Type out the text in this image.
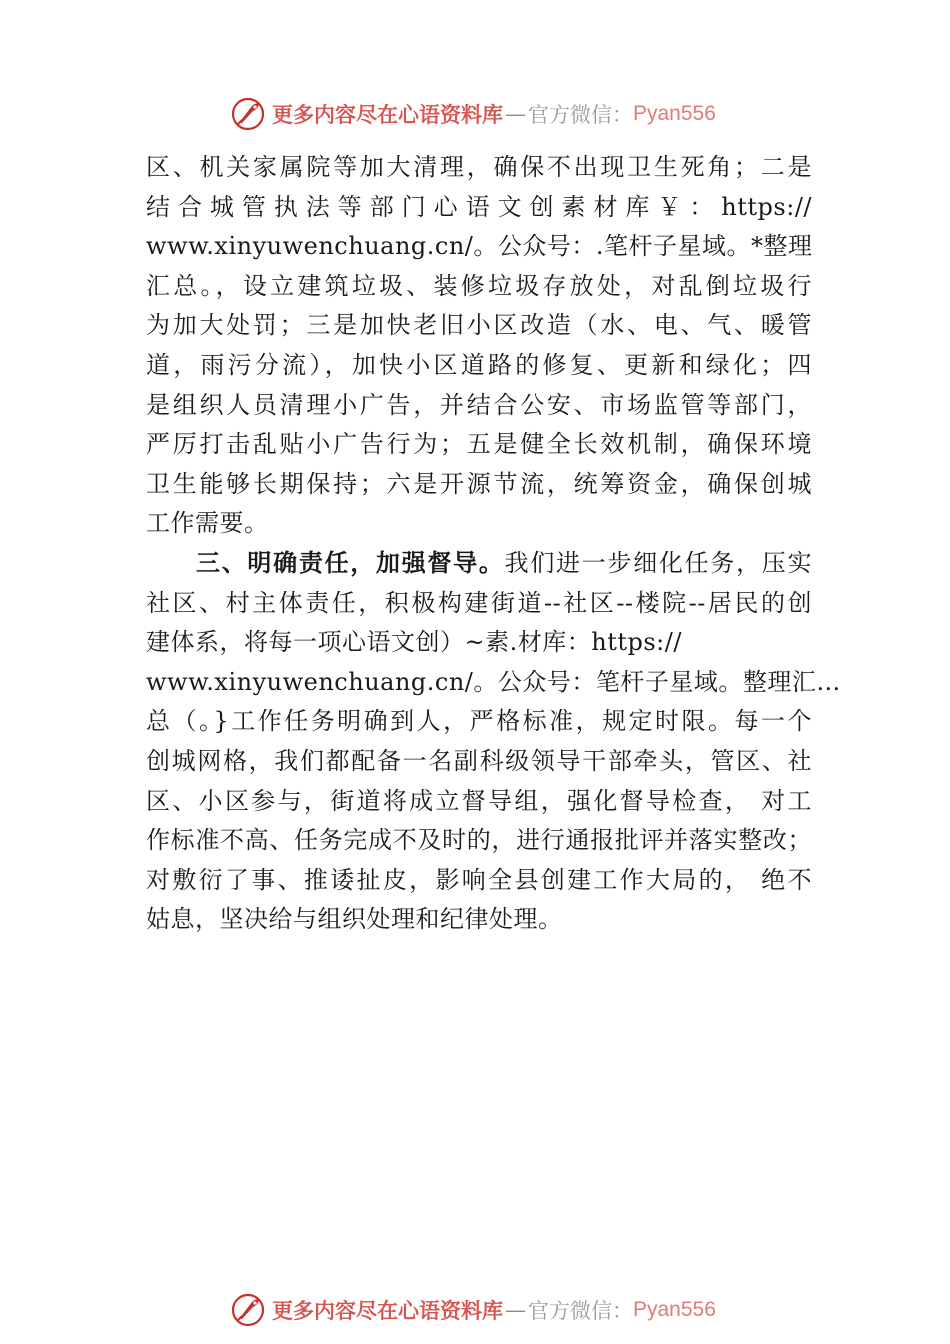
更多内容尽在心语资料库 — 官方微信： Pyan556
区、机关家属院等加大清理，确保不出现卫生死角；二是
结合城管执法等部门心语文创素材库￥：https://
www.xinyuwenchuang.cn/。公众号：.笔杆子星域。*整理
汇总。，设立建筑垃圾、装修垃圾存放处，对乱倒垃圾行
为加大处罚；三是加快老旧小区改造（水、电、气、暖管
道，雨污分流），加快小区道路的修复、更新和绿化；四
是组织人员清理小广告，并结合公安、市场监管等部门，
严厉打击乱贴小广告行为；五是健全长效机制，确保环境
卫生能够长期保持；六是开源节流，统筹资金，确保创城
工作需要。
三、明确责任，加强督导。我们进一步细化任务，压实
社区、村主体责任，积极构建街道--社区--楼院--居民的创
建体系，将每一项心语文创）~素.材库：https://
www.xinyuwenchuang.cn/。公众号：笔杆子星域。整理汇…
总（。}工作任务明确到人，严格标准，规定时限。每一个
创城网格，我们都配备一名副科级领导干部牵头，管区、社
区、小区参与，街道将成立督导组，强化督导检查， 对工
作标准不高、任务完成不及时的，进行通报批评并落实整改；
对敷衍了事、推诿扯皮，影响全县创建工作大局的， 绝不
姑息，坚决给与组织处理和纪律处理。
更多内容尽在心语资料库 — 官方微信： Pyan556
